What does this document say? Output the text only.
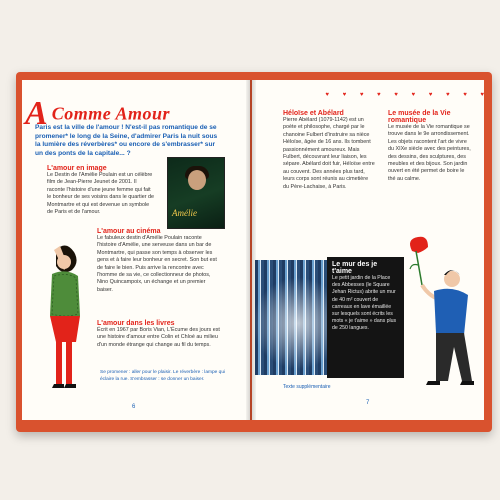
A Comme Amour
Paris est la ville de l'amour ! N'est-il pas romantique de se promener* le long de la Seine, d'admirer Paris la nuit sous la lumière des réverbères* ou encore de s'embrasser* sur un des ponts de la capitale... ?
L'amour en image
Le Destin de l'Amélie Poulain est un célèbre film de Jean-Pierre Jeunet de 2001. Il raconte l'histoire d'une jeune femme qui fait le bonheur de ses voisins dans le quartier de Montmartre et qui est devenue un symbole de Paris et de l'amour.	Amélie
L'amour au cinéma
Le fabuleux destin d'Amélie Poulain raconte l'histoire d'Amélie, une serveuse dans un bar de Montmartre, qui passe son temps à observer les gens et à faire leur bonheur en secret. Son but est de faire le bien. Puis arrive la rencontre avec l'homme de sa vie, ce collectionneur de photos, Nino Quincampoix, un échange et un premier baiser.
L'amour dans les livres
Écrit en 1967 par Boris Vian, L'Écume des jours est une histoire d'amour entre Colin et Chloé au milieu d'un monde étrange qui change au fil du temps.
Se promener : aller pour le plaisir. Le réverbère : lampe qui éclaire la rue. S'embrasser : se donner un baiser.
6
♥ ♥ ♥ ♥ ♥ ♥ ♥ ♥ ♥ ♥
Héloïse et Abélard
Pierre Abélard (1079-1142) est un poète et philosophe, chargé par le chanoine Fulbert d'instruire sa nièce Héloïse, âgée de 16 ans. Ils tombent passionnément amoureux. Mais Fulbert, découvrant leur liaison, les sépare. Abélard doit fuir, Héloïse entre au couvent. Des années plus tard, leurs corps sont réunis au cimetière du Père-Lachaise, à Paris.
Le musée de la Vie romantique
Le musée de la Vie romantique se trouve dans le 9e arrondissement. Les objets racontent l'art de vivre du XIXe siècle avec des peintures, des dessins, des sculptures, des meubles et des bijoux. Son jardin ouvert en été permet de boire le thé au calme.
Le mur des je t'aime
Le petit jardin de la Place des Abbesses (le Square Jehan Rictus) abrite un mur de 40 m² couvert de carreaux en lave émaillée sur lesquels sont écrits les mots « je t'aime » dans plus de 250 langues.
Texte supplémentaire
7
